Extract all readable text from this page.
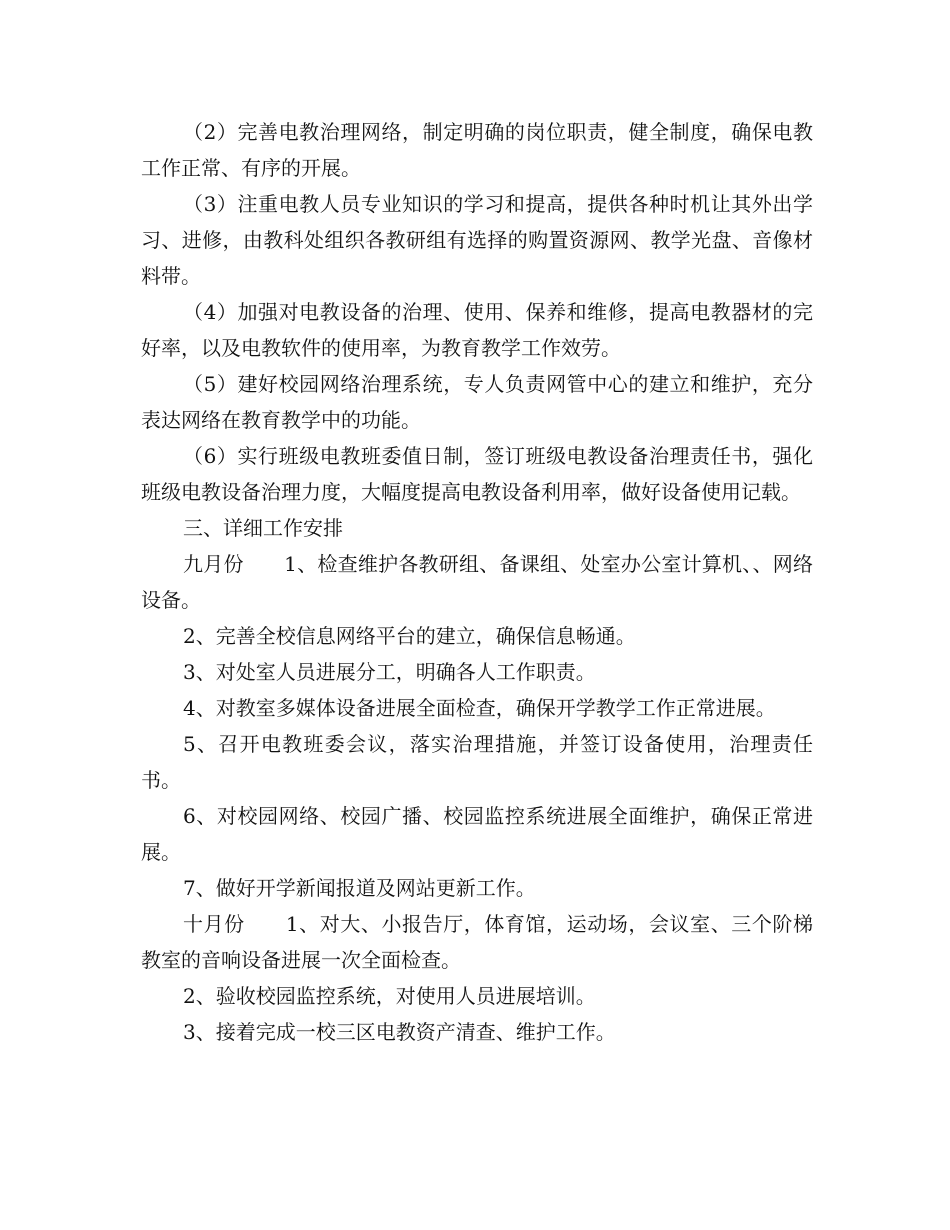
（2）完善电教治理网络，制定明确的岗位职责，健全制度，确保电教工作正常、有序的开展。

（3）注重电教人员专业知识的学习和提高，提供各种时机让其外出学习、进修，由教科处组织各教研组有选择的购置资源网、教学光盘、音像材料带。

（4）加强对电教设备的治理、使用、保养和维修，提高电教器材的完好率，以及电教软件的使用率，为教育教学工作效劳。

（5）建好校园网络治理系统，专人负责网管中心的建立和维护，充分表达网络在教育教学中的功能。

（6）实行班级电教班委值日制，签订班级电教设备治理责任书，强化班级电教设备治理力度，大幅度提高电教设备利用率，做好设备使用记载。

三、详细工作安排

九月份　　1、检查维护各教研组、备课组、处室办公室计算机、、网络设备。

2、完善全校信息网络平台的建立，确保信息畅通。

3、对处室人员进展分工，明确各人工作职责。

4、对教室多媒体设备进展全面检查，确保开学教学工作正常进展。

5、召开电教班委会议，落实治理措施，并签订设备使用，治理责任书。

6、对校园网络、校园广播、校园监控系统进展全面维护，确保正常进展。

7、做好开学新闻报道及网站更新工作。

十月份　　1、对大、小报告厅，体育馆，运动场，会议室、三个阶梯教室的音响设备进展一次全面检查。

2、验收校园监控系统，对使用人员进展培训。

3、接着完成一校三区电教资产清查、维护工作。
